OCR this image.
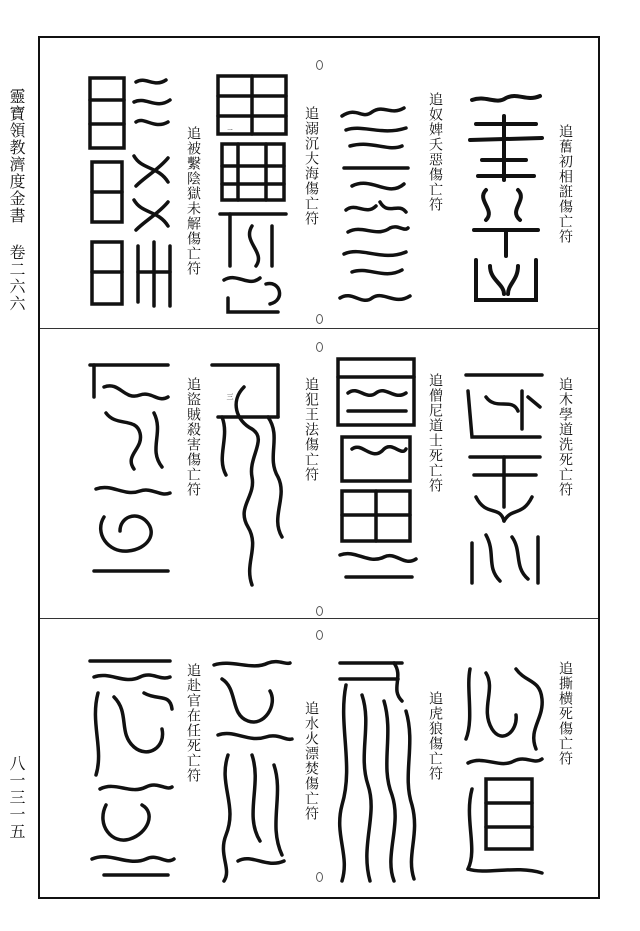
靈寶領教濟度金書 卷二六六
八一三一五
追𦾔初相誑傷亡符
追奴婢夭惡傷亡符
追溺沉大海傷亡符
追被繫陰獄未解傷亡符	二
追木學道洗死亡符
追僧尼道士死亡符
追犯王法傷亡符
追盜賊殺害傷亡符	三
追撕横死傷亡符
追虎狼傷亡符
追水火漂焚傷亡符
追赴官在任死亡符
